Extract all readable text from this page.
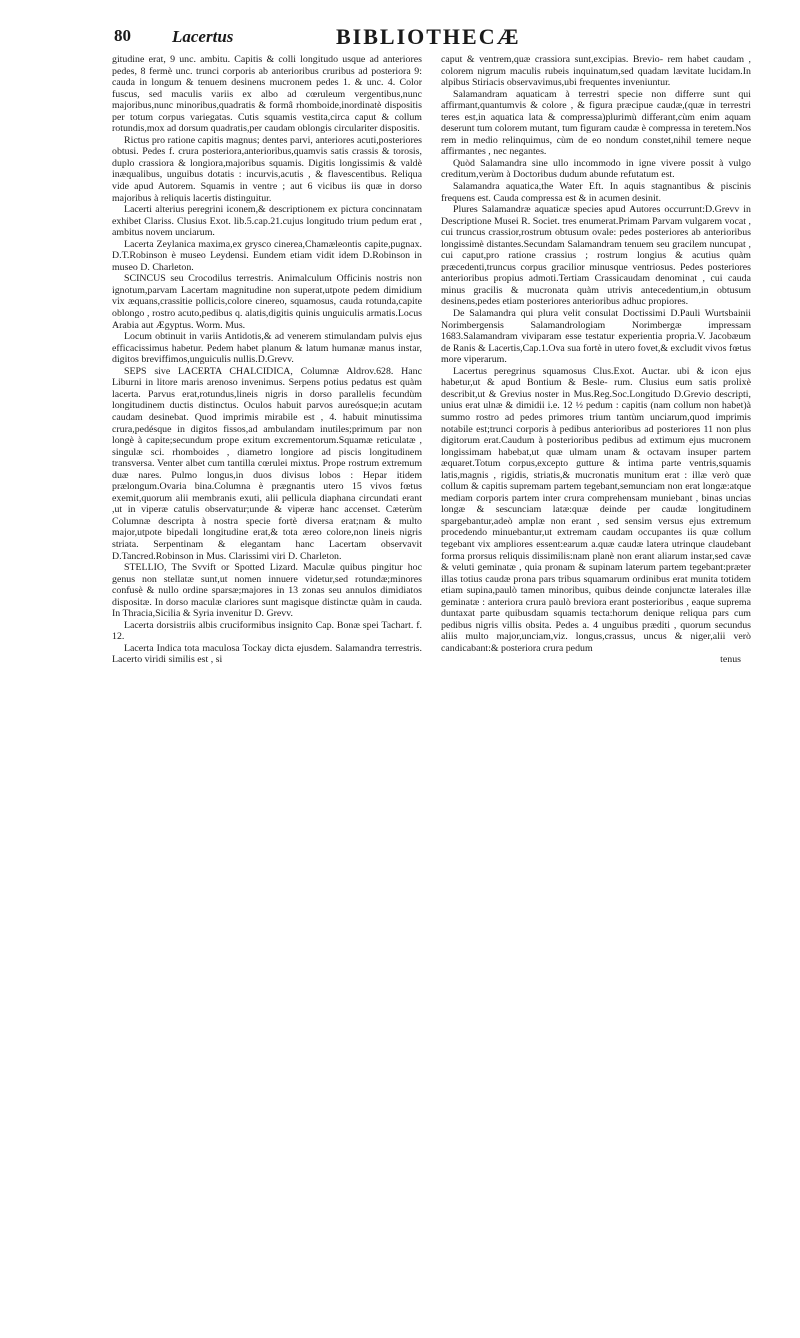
80 Lacertus	BIBLIOTHECÆ

gitudine erat, 9 unc. ambitu. Capitis & colli longitudo usque ad anteriores pedes, 8 fermè unc. trunci corporis ab anterioribus cruribus ad posteriora 9: cauda in longum & tenuem desinens mucronem pedes 1. & unc. 4. Color fuscus, sed maculis variis ex albo ad cœruleum vergentibus,nunc majoribus,nunc minoribus,quadratis & formâ rhomboide,inordinatè dispositis per totum corpus variegatas. Cutis squamis vestita,circa caput & collum rotundis,mox ad dorsum quadratis,per caudam oblongis circulariter dispositis.

Rictus pro ratione capitis magnus; dentes parvi, anteriores acuti,posteriores obtusi. Pedes f. crura posteriora,anterioribus,quamvis satis crassis & torosis, duplo crassiora & longiora,majoribus squamis. Digitis longissimis & valdè inæqualibus, unguibus dotatis : incurvis,acutis , & flavescentibus. Reliqua vide apud Autorem. Squamis in ventre ; aut 6 vicibus iis quæ in dorso majoribus à reliquis lacertis distinguitur.

Lacerti alterius peregrini iconem,& descriptionem ex pictura concinnatam exhibet Clariss. Clusius Exot. lib.5.cap.21.cujus longitudo trium pedum erat , ambitus novem unciarum.

Lacerta Zeylanica maxima,ex grysco cinerea,Chamæleontis capite,pugnax. D.T.Robinson è museo Leydensi. Eundem etiam vidit idem D.Robinson in museo D. Charleton.

SCINCUS seu Crocodilus terrestris. Animalculum Officinis nostris non ignotum,parvam Lacertam magnitudine non superat,utpote pedem dimidium vix æquans,crassitie pollicis,colore cinereo, squamosus, cauda rotunda,capite oblongo , rostro acuto,pedibus q. alatis,digitis quinis unguiculis armatis.Locus Arabia aut Ægyptus. Worm. Mus.

Locum obtinuit in variis Antidotis,& ad venerem stimulandam pulvis ejus efficacissimus habetur. Pedem habet planum & latum humanæ manus instar, digitos breviffimos,unguiculis nullis.D.Grevv.

SEPS sive LACERTA CHALCIDICA, Columnæ Aldrov.628. Hanc Liburni in litore maris arenoso invenimus. Serpens potius pedatus est quàm lacerta. Parvus erat,rotundus,lineis nigris in dorso parallelis fecundùm longitudinem ductis distinctus. Oculos habuit parvos aureósque;in acutam caudam desinebat. Quod imprimis mirabile est , 4. habuit minutissima crura,pedésque in digitos fissos,ad ambulandam inutiles;primum par non longè à capite;secundum prope exitum excrementorum.Squamæ reticulatæ , singulæ sci. rhomboides , diametro longiore ad piscis longitudinem transversa. Venter albet cum tantilla cœrulei mixtus. Prope rostrum extremum duæ nares. Pulmo longus,in duos divisus lobos : Hepar itidem prælongum.Ovaria bina.Columna è prægnantis utero 15 vivos fœtus exemit,quorum alii membranis exuti, alii pellicula diaphana circundati erant ,ut in viperæ catulis observatur;unde & viperæ hanc accenset. Cæterùm Columnæ descripta à nostra specie fortè diversa erat;nam & multo major,utpote bipedali longitudine erat,& tota æreo colore,non lineis nigris striata. Serpentinam & elegantam hanc Lacertam observavit D.Tancred.Robinson in Mus. Clarissimi viri D. Charleton.

STELLIO, The Svvift or Spotted Lizard. Maculæ quibus pingitur hoc genus non stellatæ sunt,ut nomen innuere videtur,sed rotundæ;minores confusè & nullo ordine sparsæ;majores in 13 zonas seu annulos dimidiatos dispositæ. In dorso maculæ clariores sunt magisque distinctæ quàm in cauda. In Thracia,Sicilia & Syria invenitur D. Grevv.

Lacerta dorsistriis albis cruciformibus insignito Cap. Bonæ spei Tachart. f. 12.

Lacerta Indica tota maculosa Tockay dicta ejusdem. Salamandra terrestris. Lacerto viridi similis est , si

caput & ventrem,quæ crassiora sunt,excipias. Brevio- rem habet caudam , colorem nigrum maculis rubeis inquinatum,sed quadam lævitate lucidam.In alpibus Stiriacis observavimus,ubi frequentes inveniuntur.

Salamandram aquaticam à terrestri specie non differre sunt qui affirmant,quantumvis & colore , & figura præcipue caudæ,(quæ in terrestri teres est,in aquatica lata & compressa)plurimù differant,cùm enim aquam deserunt tum colorem mutant, tum figuram caudæ è compressa in teretem.Nos rem in medio relinquimus, cùm de eo nondum constet,nihil temere neque affirmantes , nec negantes.

Quòd Salamandra sine ullo incommodo in igne vivere possit à vulgo creditum,verùm à Doctoribus dudum abunde refutatum est.

Salamandra aquatica,the Water Eft. In aquis stagnantibus & piscinis frequens est. Cauda compressa est & in acumen desinit.

Plures Salamandræ aquaticæ species apud Autores occurrunt:D.Grevv in Descriptione Musei R. Societ. tres enumerat.Primam Parvam vulgarem vocat , cui truncus crassior,rostrum obtusum ovale: pedes posteriores ab anterioribus longissimè distantes.Secundam Salamandram tenuem seu gracilem nuncupat , cui caput,pro ratione crassius ; rostrum longius & acutius quàm præcedenti,truncus corpus gracilior minusque ventriosus. Pedes posteriores anterioribus propius admoti.Tertiam Crassicaudam denominat , cui cauda minus gracilis & mucronata quàm utrivis antecedentium,in obtusum desinens,pedes etiam posteriores anterioribus adhuc propiores.

De Salamandra qui plura velit consulat Doctissimi D.Pauli Wurtsbainii Norimbergensis Salamandrologiam Norimbergæ impressam 1683.Salamandram viviparam esse testatur experientia propria.V. Jacobæum de Ranis & Lacertis,Cap.1.Ova sua fortè in utero fovet,& excludit vivos fœtus more viperarum.

Lacertus peregrinus squamosus Clus.Exot. Auctar. ubi & icon ejus habetur,ut & apud Bontium & Besle- rum. Clusius eum satis prolixè describit,ut & Grevius noster in Mus.Reg.Soc.Longitudo D.Grevio descripti, unius erat ulnæ & dimidii i.e. 12 ½ pedum : capitis (nam collum non habet)à summo rostro ad pedes primores trium tantùm unciarum,quod imprimis notabile est;trunci corporis à pedibus anterioribus ad posteriores 11 non plus digitorum erat.Caudum à posterioribus pedibus ad extimum ejus mucronem longissimam habebat,ut quæ ulmam unam & octavam insuper partem æquaret.Totum corpus,excepto gutture & intima parte ventris,squamis latis,magnis , rigidis, striatis,& mucronatis munitum erat : illæ verò quæ collum & capitis supremam partem tegebant,semunciam non erat longæ:atque mediam corporis partem inter crura comprehensam muniebant , binas uncias longæ & sescunciam latæ:quæ deinde per caudæ longitudinem spargebantur,adeò amplæ non erant , sed sensim versus ejus extremum procedendo minuebantur,ut extremam caudam occupantes iis quæ collum tegebant vix ampliores essent:earum a.quæ caudæ latera utrinque claudebant forma prorsus reliquis dissimilis:nam planè non erant aliarum instar,sed cavæ & veluti geminatæ , quia pronam & supinam laterum partem tegebant:præter illas totius caudæ prona pars tribus squamarum ordinibus erat munita totidem etiam supina,paulò tamen minoribus, quibus deinde conjunctæ laterales illæ geminatæ : anteriora crura paulò breviora erant posterioribus , eaque suprema duntaxat parte quibusdam squamis tecta:horum denique reliqua pars cum pedibus nigris villis obsita. Pedes a. 4 unguibus præditi , quorum secundus aliis multo major,unciam,viz. longus,crassus, uncus & niger,alii verò candicabant:& posteriora crura pedum

tenus
